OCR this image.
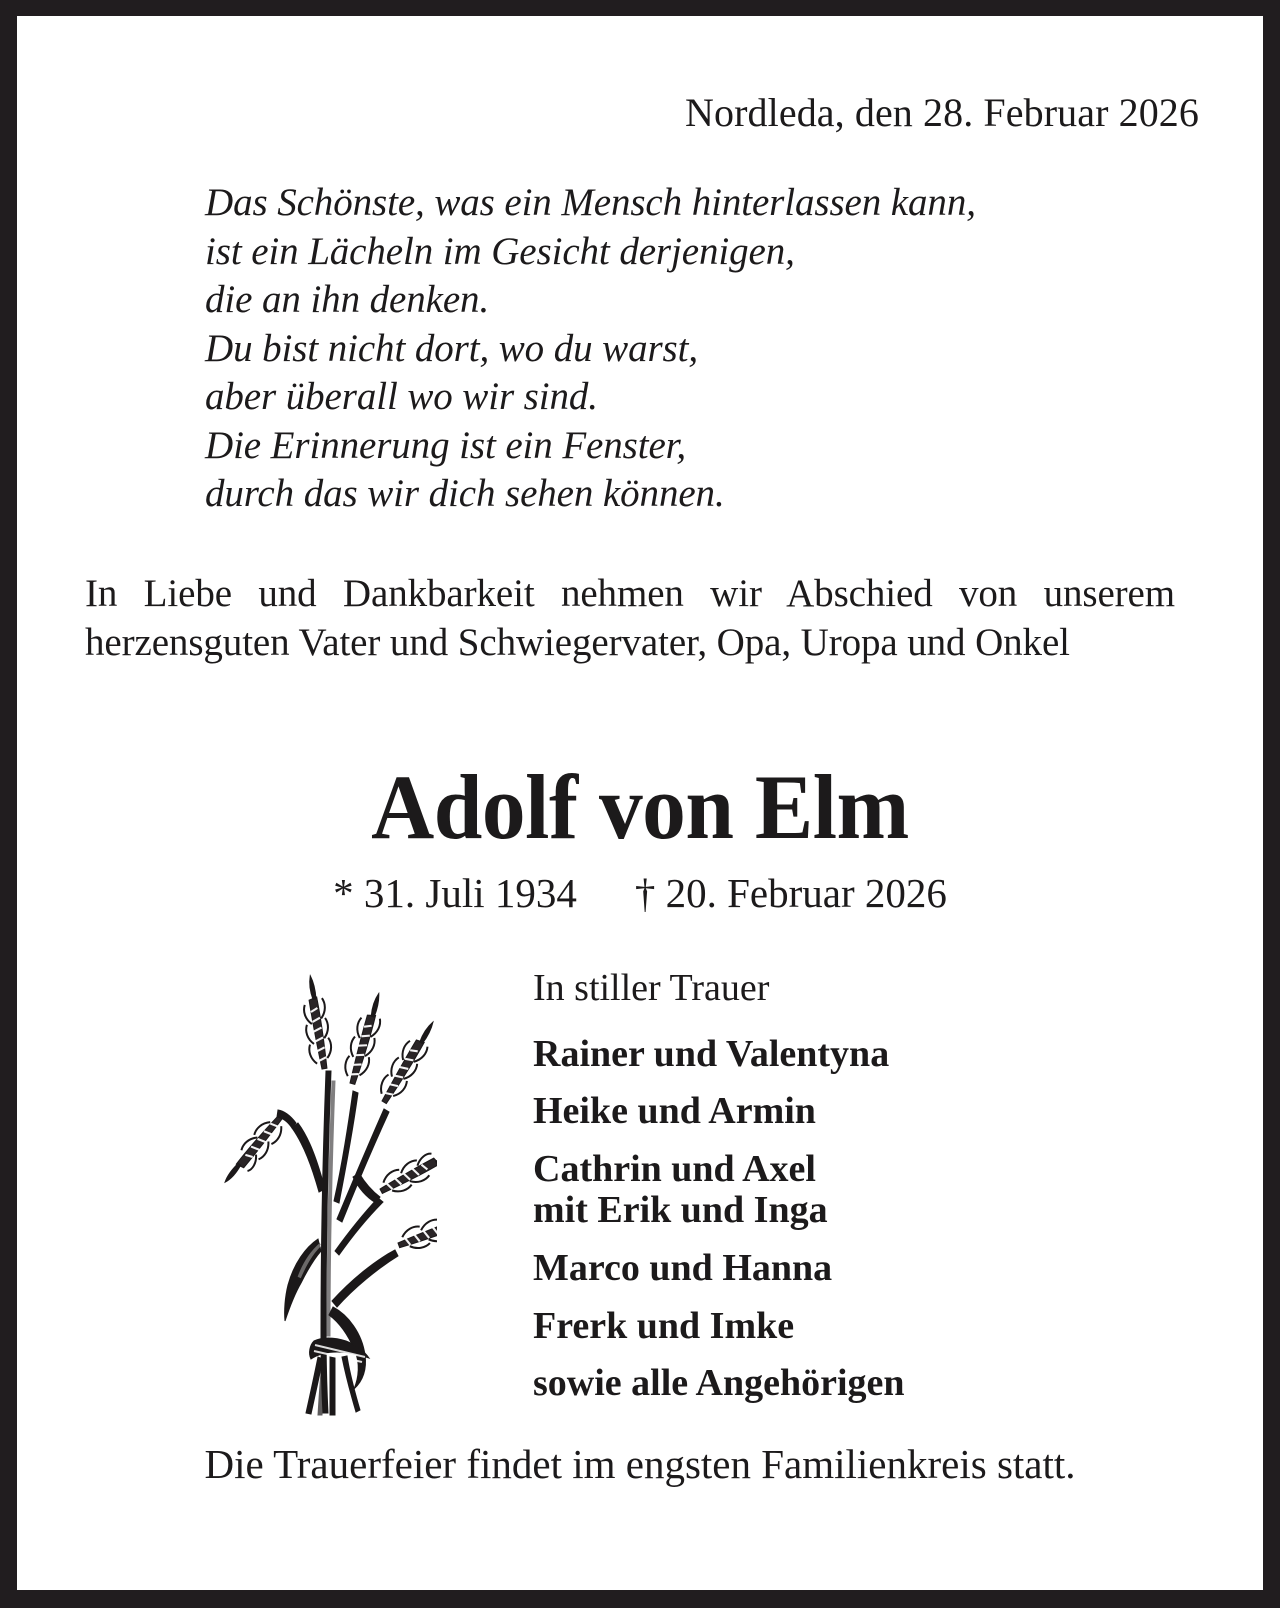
Nordleda, den 28. Februar 2026
Das Schönste, was ein Mensch hinterlassen kann,
ist ein Lächeln im Gesicht derjenigen,
die an ihn denken.
Du bist nicht dort, wo du warst,
aber überall wo wir sind.
Die Erinnerung ist ein Fenster,
durch das wir dich sehen können.
In Liebe und Dankbarkeit nehmen wir Abschied von unserem herzensguten Vater und Schwiegervater, Opa, Uropa und Onkel
Adolf von Elm
* 31. Juli 1934 † 20. Februar 2026
In stiller Trauer
Rainer und Valentyna
Heike und Armin
Cathrin und Axel
mit Erik und Inga
Marco und Hanna
Frerk und Imke
sowie alle Angehörigen
Die Trauerfeier findet im engsten Familienkreis statt.
